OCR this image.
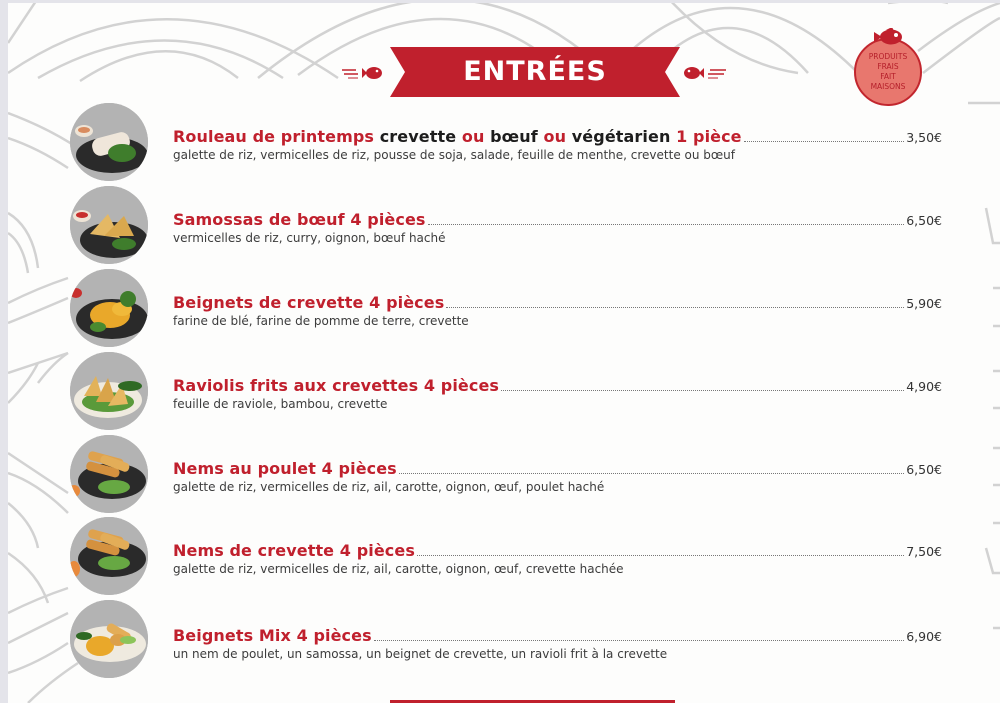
ENTRÉES	PRODUITS
FRAIS
FAIT
MAISONS
Rouleau de printemps crevette ou bœuf ou végétarien 1 pièce	3,50€
galette de riz, vermicelles de riz, pousse de soja, salade, feuille de menthe, crevette ou bœuf
Samossas de bœuf 4 pièces	6,50€
vermicelles de riz, curry, oignon, bœuf haché
Beignets de crevette 4 pièces	5,90€
farine de blé, farine de pomme de terre, crevette
Raviolis frits aux crevettes 4 pièces	4,90€
feuille de raviole, bambou, crevette
Nems au poulet 4 pièces	6,50€
galette de riz, vermicelles de riz, ail, carotte, oignon, œuf, poulet haché
Nems de crevette 4 pièces	7,50€
galette de riz, vermicelles de riz, ail, carotte, oignon, œuf, crevette hachée
Beignets Mix 4 pièces	6,90€
un nem de poulet, un samossa, un beignet de crevette, un ravioli frit à la crevette
